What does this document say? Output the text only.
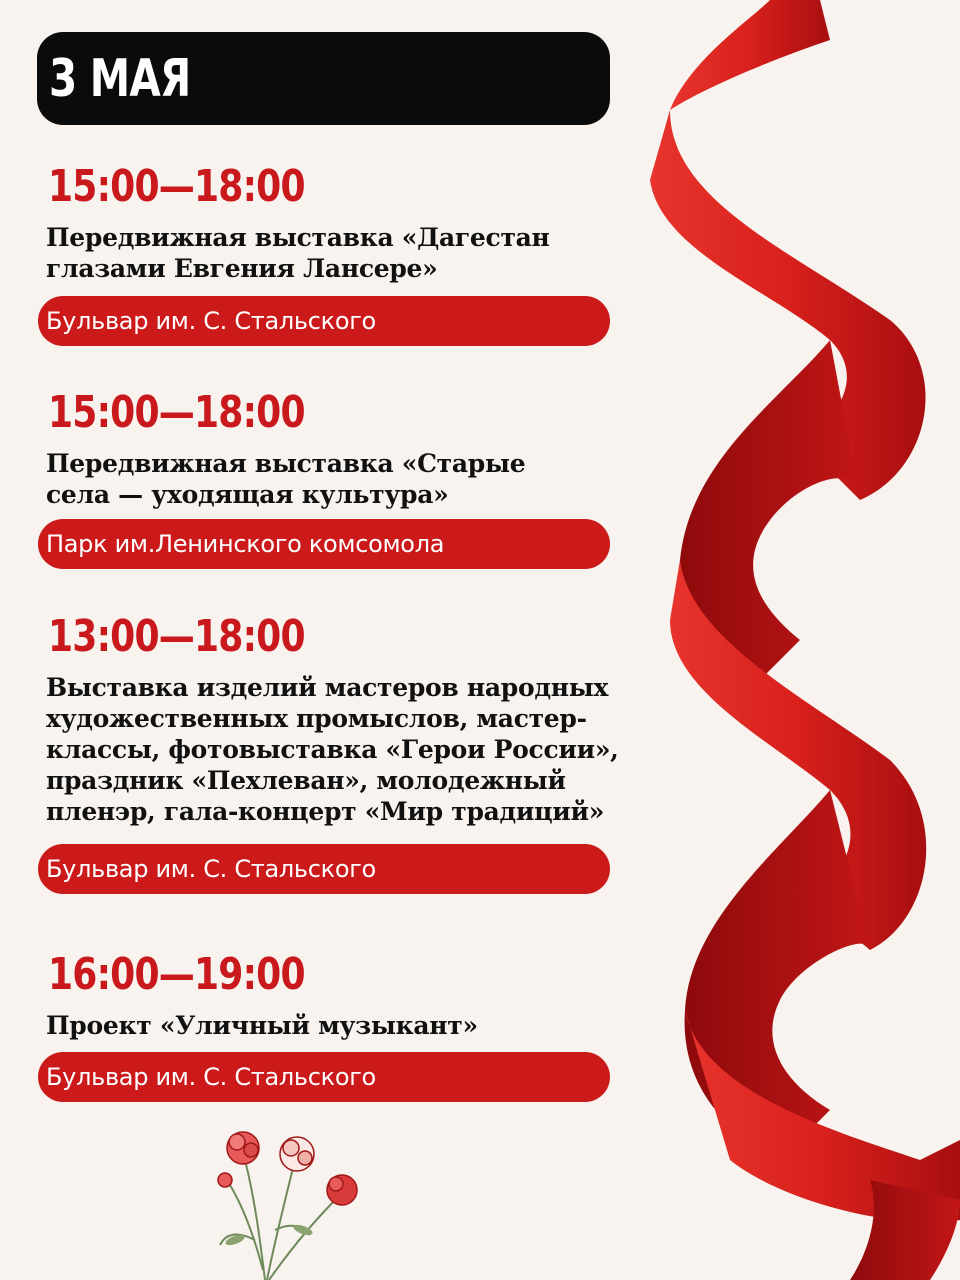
3 МАЯ
15:00—18:00
Передвижная выставка «Дагестан
глазами Евгения Лансере»
Бульвар им. С. Стальского
15:00—18:00
Передвижная выставка «Старые
села — уходящая культура»
Парк им.Ленинского комсомола
13:00—18:00
Выставка изделий мастеров народных
художественных промыслов, мастер-
классы, фотовыставка «Герои России»,
праздник «Пехлеван», молодежный
пленэр, гала-концерт «Мир традиций»
Бульвар им. С. Стальского
16:00—19:00
Проект «Уличный музыкант»
Бульвар им. С. Стальского
